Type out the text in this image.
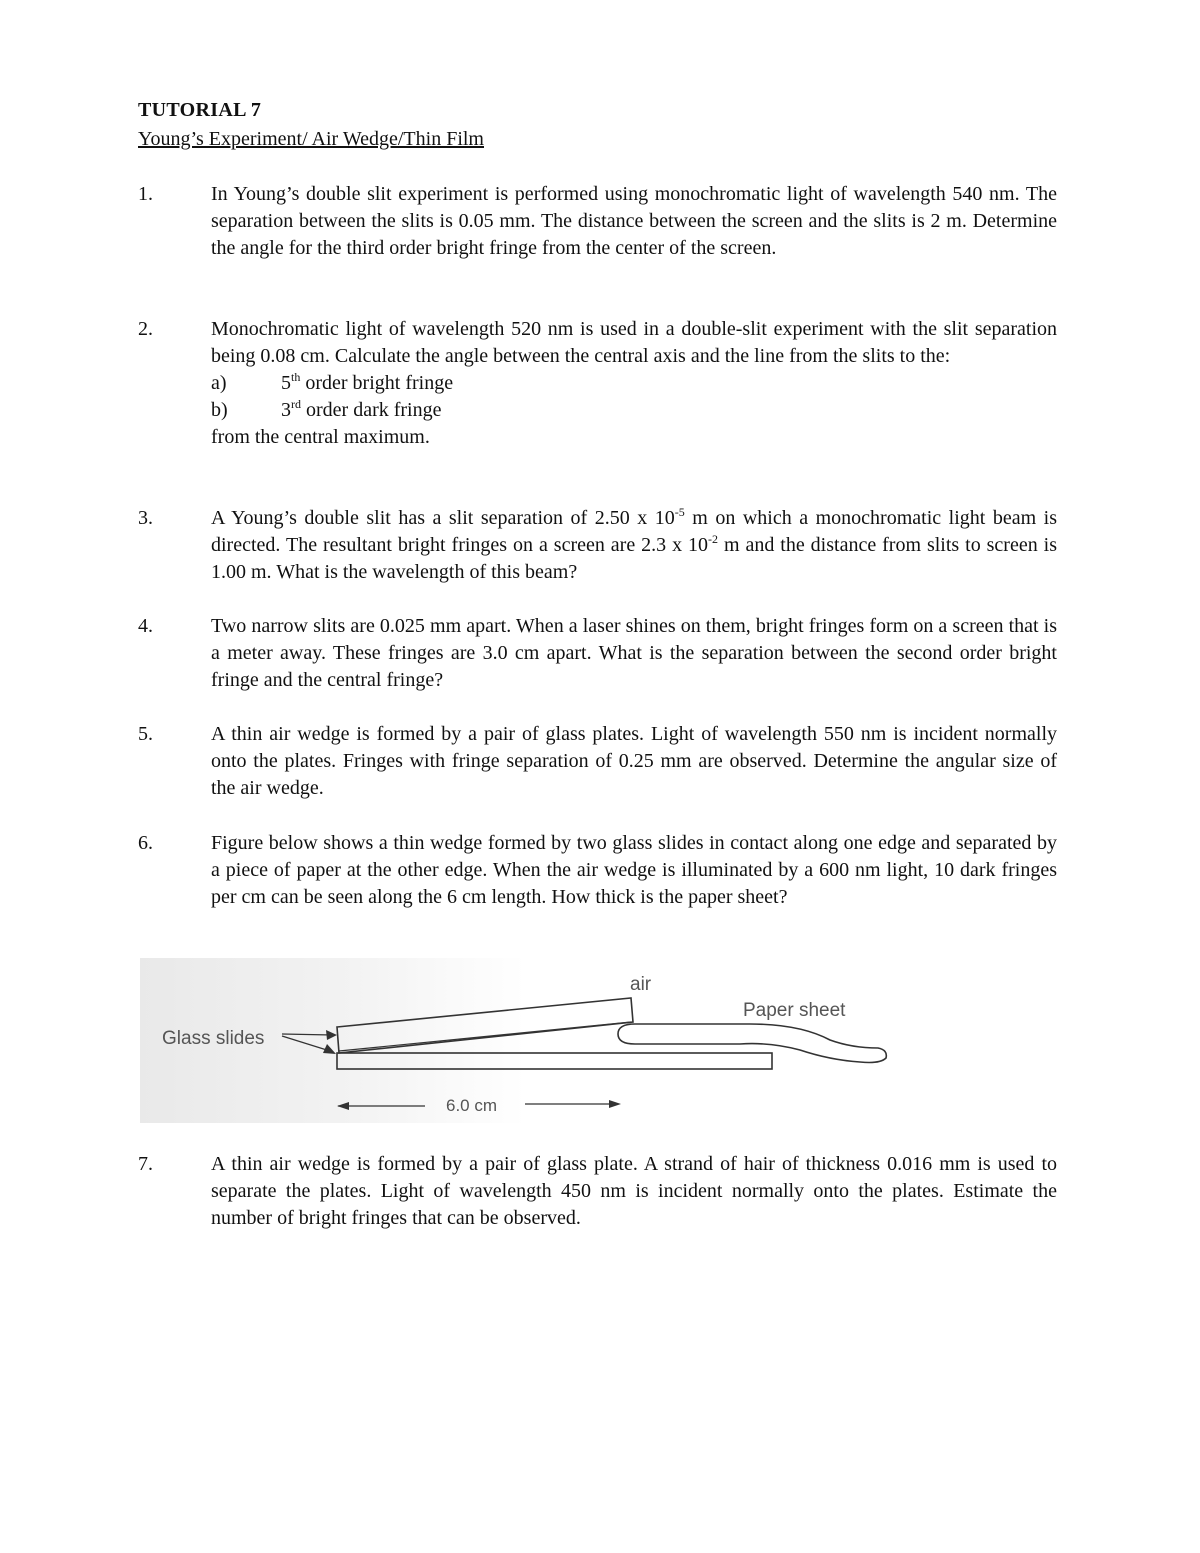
TUTORIAL 7
Young’s Experiment/ Air Wedge/Thin Film
1.	In Young’s double slit experiment is performed using monochromatic light of wavelength 540 nm. The separation between the slits is 0.05 mm. The distance between the screen and the slits is 2 m. Determine the angle for the third order bright fringe from the center of the screen.

2.	Monochromatic light of wavelength 520 nm is used in a double-slit experiment with the slit separation being 0.08 cm. Calculate the angle between the central axis and the line from the slits to the:

a)	5th order bright fringe
b)	3rd order dark fringe

from the central maximum.

3.	A Young’s double slit has a slit separation of 2.50 x $10^{-5}$ m on which a monochromatic light beam is directed. The resultant bright fringes on a screen are 2.3 x $10^{-2}$ m and the distance from slits to screen is 1.00 m. What is the wavelength of this beam?

4.	Two narrow slits are 0.025 mm apart. When a laser shines on them, bright fringes form on a screen that is a meter away. These fringes are 3.0 cm apart. What is the separation between the second order bright fringe and the central fringe?

5.	A thin air wedge is formed by a pair of glass plates. Light of wavelength 550 nm is incident normally onto the plates. Fringes with fringe separation of 0.25 mm are observed. Determine the angular size of the air wedge.

6.	Figure below shows a thin wedge formed by two glass slides in contact along one edge and separated by a piece of paper at the other edge. When the air wedge is illuminated by a 600 nm light, 10 dark fringes per cm can be seen along the 6 cm length. How thick is the paper sheet?

Glass slides
air
Paper sheet
6.0 cm
7.	A thin air wedge is formed by a pair of glass plate. A strand of hair of thickness 0.016 mm is used to separate the plates. Light of wavelength 450 nm is incident normally onto the plates. Estimate the number of bright fringes that can be observed.
